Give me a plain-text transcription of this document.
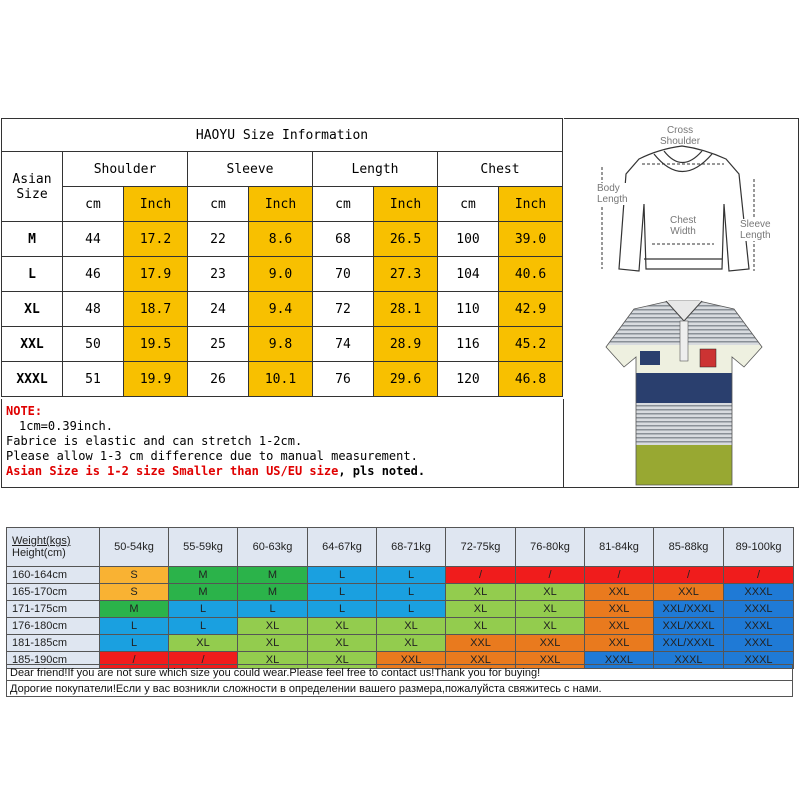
HAOYU Size Information								
Asian
Size	Shoulder		Sleeve		Length		Chest	
	cm	Inch	cm	Inch	cm	Inch	cm	Inch
M	44	17.2	22	8.6	68	26.5	100	39.0
L	46	17.9	23	9.0	70	27.3	104	40.6
XL	48	18.7	24	9.4	72	28.1	110	42.9
XXL	50	19.5	25	9.8	74	28.9	116	45.2
XXXL	51	19.9	26	10.1	76	29.6	120	46.8
NOTE:
1cm=0.39inch.
Fabrice is elastic and can stretch 1-2cm.
Please allow 1-3 cm difference due to manual measurement.
Asian Size is 1-2 size Smaller than US/EU size, pls noted.
Cross
Shoulder
Body
Length
Chest
Width
Sleeve
Length
Weight(kgs)
Height(cm)	50-54kg	55-59kg	60-63kg	64-67kg	68-71kg	72-75kg	76-80kg	81-84kg	85-88kg	89-100kg
160-164cm	S	M	M	L	L	/	/	/	/	/
165-170cm	S	M	M	L	L	XL	XL	XXL	XXL	XXXL
171-175cm	M	L	L	L	L	XL	XL	XXL	XXL/XXXL	XXXL
176-180cm	L	L	XL	XL	XL	XL	XL	XXL	XXL/XXXL	XXXL
181-185cm	L	XL	XL	XL	XL	XXL	XXL	XXL	XXL/XXXL	XXXL
185-190cm	/	/	XL	XL	XXL	XXL	XXL	XXXL	XXXL	XXXL
Dear friend!If you are not sure which size you could wear.Please feel free to contact us!Thank you for buying!
Дорогие покупатели!Если у вас возникли сложности в определении вашего размера,пожалуйста свяжитесь с нами.
